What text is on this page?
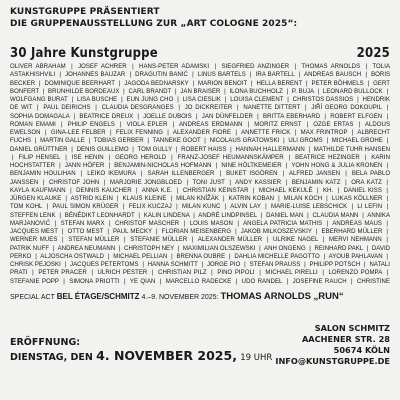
KUNSTGRUPPE PRÄSENTIERT
DIE GRUPPENAUSSTELLUNG ZUR „ART COLOGNE 2025“:
30 Jahre Kunstgruppe	2025
OLIVER ABRAHAM | JOSEF ACHRER | HANS-PETER ADAMSKI | SIEGFRIED ANZINGER | THOMAS ARNOLDS | TOLIA ASTAKHISHVILI | JOHANNES BAUZAR | DRAGUTIN BANIĆ | LINUS BARTELS | IRA BARTELL | ANDREAS BAUSCH | BORIS BECKER | DOMINIQUE BEERHART | JAGODA BEDNARSKY | MARION BENOIT | HELLA BERENT | PETER BÖHMELS | GERT BONFERT | BRUNHILDE BORDEAUX | CARL BRANDT | JAN BRAISER | ILONA BUCHHOLZ | P. BUJA | LEONARD BULLOCK | WOLFGANG BURAT | LISA BUSCHE | EUN JUNG CHO | LISA CIESLIK | LOUISA CLEMENT | CHRISTOS DASSIOS | HENDRIK DE WIT | PAUL DEIRICHS | CLAUDIA DESGRANGES | JO DICKREITER | NANETTE DITTERT | JIŘÍ GEORG DOKOUPIL | SOPHIA DOMAGALA | BEATRICE DREUX | JOELLE DUBOIS | JAN DÜNFELDER | BRITTA EBERHARD | ROBERT ELFGEN | ROMAN EMAMI | PHILIP ENGELS | VIOLA EPLER | ANDREAS ERDMANN | MORITZ ERNST | OZGE ERTAS | ALDOUS EWELSON | GINA-LEE FELBER | FELIX FENNING | ALEXANDER FIORE | ANNETTE FRICK | MAX FRINTROP | ALBRECHT FUCHS | MARTIN GALLE | TOBIAS GERBER | TANNEKE GOOT | NICOLAUS GRATOWSKI | ULI GROMS | MICHAEL GROHE | DANIEL GRÜTTNER | DENIS GUILLEMO | TOM GULLY | ROBERT HAISS | HANNAH HALLERMANN | MATHILDE TUHR HANSEN | FILIP HENSEL | ISE HENIN | GEORG HEROLD | FRANZ-JOSEF HEUMANNSKÄMPER | BEATRICE HEZINGER | KARIN HOCHSTATTER | JANN HÖFER | BENJAMIN-NICHOLAS HOFMANN | NINE HÖLTKEMEIER | YOHN HONG & JULIA KRONEN | BENJAMIN HOULIHAN | LEIKO IKEMURA | SARAH ILLENBERGER | BUKET ISGÖREN | ALFRED JANSEN | BELA PABLO JANSSEN | CHRISTOF JOHN | MARJORIE JONGBLOED | TONI JUST | ANDY KASSIER | BENJAMIN KATZ | ORA KATZ | KAYLA KAUFMANN | DENNIS KAUCHER | ANNA K.E. | CHRISTIAN KEINSTAR | MICHAEL KEKULÉ | KH. | DANIEL KISS | JÜRGEN KLAUKE | ASTRID KLEIN | KLAUS KLEINE | MILAN KNÍŽÁK | KATRIN KOBAN | MILAN KOCH | LUKAS KÖLLNER | TOM KOHL | PAUL SIMON KRÜGER | FELIX KUCZAJ | MILAN KUNC | ALVIN LAY | MARIE-LUISE LEBSCHICK | LI LEFIN | STEFFEN LENK | BÉNÉDIKT LEONHARDT | KALIN LINDENA | ANDRÉ LINDPINSEL | DANIEL MAN | CLAUDIA MANN | ANNIKA MARJANOVIĆ | STEFAN MARX | CHRISTOF MASCHER | LOUIS MASON | ANGELA PATRICIA MATHIS | ANDREAS MAUS | JACQUES MEST | OTTO MEST | PAUL MECKY | FLORIAN MEISENBERG | JAKOB MILKOSZEVSKIY | EBERHARD MÜLLER | WERNER MUES | STEFAN MÜLLER | STEFANIE MÜLLER | ALEXANDER MÜLLER | ULRIKE NAGEL | MERVI NEHMANN | PATRIK NUFF | ANDREA NEUMANN | CHRISTOPH NEY | MAXIMILIAN OLSZEWSKI | ANH ONGENG | REINHARD PAKL | DAVID PERKO | ALJOSCHA OSTWALD | MICHAEL PELLIAN | BRENNA OUBRE | DAHLIA MICHELLE PAGOTTO | AYOUB PAHLAVAN | CHRISK PEJOSKI | JACQUES PETERTOMS | HANNA SCHMITT | JORGE PIO | STEFAN PRAUSS | PHILIPP POTSCH | NATALI PRATI | PETER PRACER | ULRICH PESTER | CHRISTIAN PILZ | PINO PIPOLI | MICHAEL PIRELLI | LORENZO POMPA | STEFANIE POPP | SIMONA PRIOTTI | YE QIAN | MARCELLO RADECKE | UDO RANDEL | JOSEFINE RAUCH | CHRISTINE
SPECIAL ACT BEL ÉTAGE/SCHMITZ 4.–9. NOVEMBER 2025: THOMAS ARNOLDS „RUN“
ERÖFFNUNG:
DIENSTAG, DEN 4. NOVEMBER 2025, 19 UHR
SALON SCHMITZ
AACHENER STR. 28
50674 KÖLN
INFO@KUNSTGRUPPE.DE
